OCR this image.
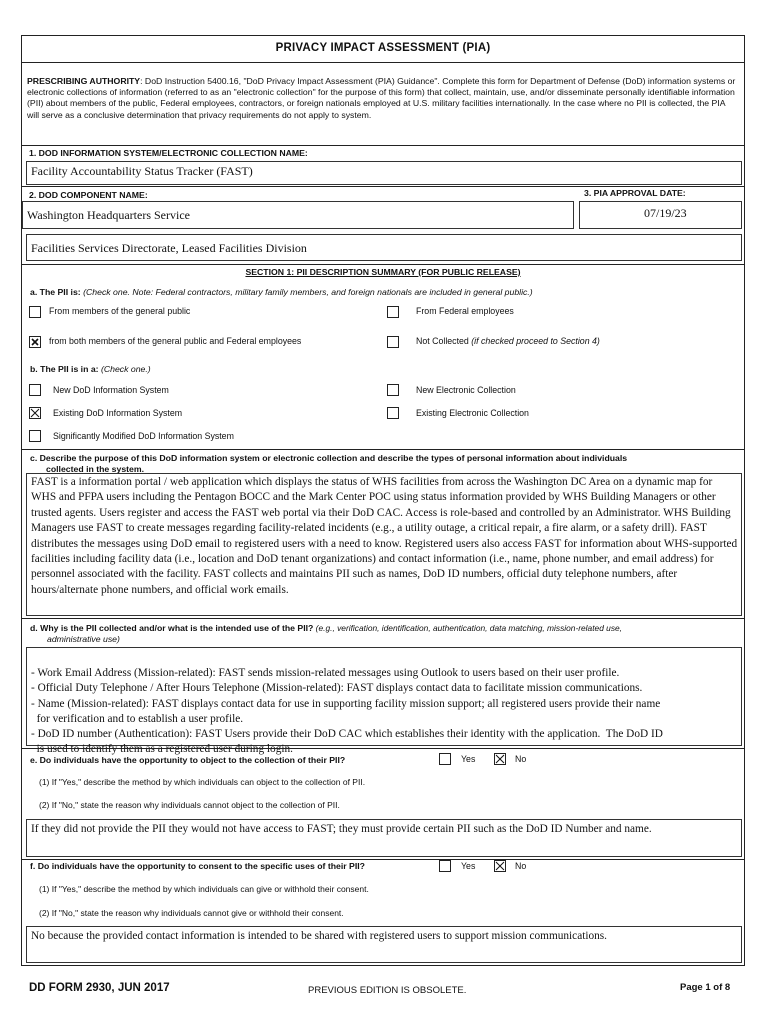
PRIVACY IMPACT ASSESSMENT (PIA)
PRESCRIBING AUTHORITY: DoD Instruction 5400.16, "DoD Privacy Impact Assessment (PIA) Guidance". Complete this form for Department of Defense (DoD) information systems or electronic collections of information (referred to as an "electronic collection" for the purpose of this form) that collect, maintain, use, and/or disseminate personally identifiable information (PII) about members of the public, Federal employees, contractors, or foreign nationals employed at U.S. military facilities internationally. In the case where no PII is collected, the PIA will serve as a conclusive determination that privacy requirements do not apply to system.
1. DOD INFORMATION SYSTEM/ELECTRONIC COLLECTION NAME:
Facility Accountability Status Tracker (FAST)
2. DOD COMPONENT NAME:	3. PIA APPROVAL DATE:
Washington Headquarters Service	07/19/23
Facilities Services Directorate, Leased Facilities Division
SECTION 1: PII DESCRIPTION SUMMARY (FOR PUBLIC RELEASE)
a. The PII is: (Check one. Note: Federal contractors, military family members, and foreign nationals are included in general public.)
From members of the general public	From Federal employees
from both members of the general public and Federal employees	Not Collected (if checked proceed to Section 4)
b. The PII is in a: (Check one.)
New DoD Information System	New Electronic Collection
Existing DoD Information System	Existing Electronic Collection
Significantly Modified DoD Information System
c. Describe the purpose of this DoD information system or electronic collection and describe the types of personal information about individuals
collected in the system.
FAST is a information portal / web application which displays the status of WHS facilities from across the Washington DC Area on a dynamic map for WHS and PFPA users including the Pentagon BOCC and the Mark Center POC using status information provided by WHS Building Managers or other trusted agents. Users register and access the FAST web portal via their DoD CAC. Access is role-based and controlled by an Administrator. WHS Building Managers use FAST to create messages regarding facility-related incidents (e.g., a utility outage, a critical repair, a fire alarm, or a safety drill). FAST distributes the messages using DoD email to registered users with a need to know. Registered users also access FAST for information about WHS-supported facilities including facility data (i.e., location and DoD tenant organizations) and contact information (i.e., name, phone number, and email address) for personnel associated with the facility. FAST collects and maintains PII such as names, DoD ID numbers, official duty telephone numbers, after hours/alternate phone numbers, and official work emails.
d. Why is the PII collected and/or what is the intended use of the PII? (e.g., verification, identification, authentication, data matching, mission-related use,
administrative use)

- Work Email Address (Mission-related): FAST sends mission-related messages using Outlook to users based on their user profile.
- Official Duty Telephone / After Hours Telephone (Mission-related): FAST displays contact data to facilitate mission communications.
- Name (Mission-related): FAST displays contact data for use in supporting facility mission support; all registered users provide their name
for verification and to establish a user profile.
- DoD ID number (Authentication): FAST Users provide their DoD CAC which establishes their identity with the application.  The DoD ID
is used to identify them as a registered user during login.

e. Do individuals have the opportunity to object to the collection of their PII?	Yes	No
(1) If "Yes," describe the method by which individuals can object to the collection of PII.
(2) If "No," state the reason why individuals cannot object to the collection of PII.
If they did not provide the PII they would not have access to FAST; they must provide certain PII such as the DoD ID Number and name.
f. Do individuals have the opportunity to consent to the specific uses of their PII?	Yes	No
(1) If "Yes," describe the method by which individuals can give or withhold their consent.
(2) If "No," state the reason why individuals cannot give or withhold their consent.
No because the provided contact information is intended to be shared with registered users to support mission communications.
DD FORM 2930, JUN 2017	PREVIOUS EDITION IS OBSOLETE.	Page 1 of 8
